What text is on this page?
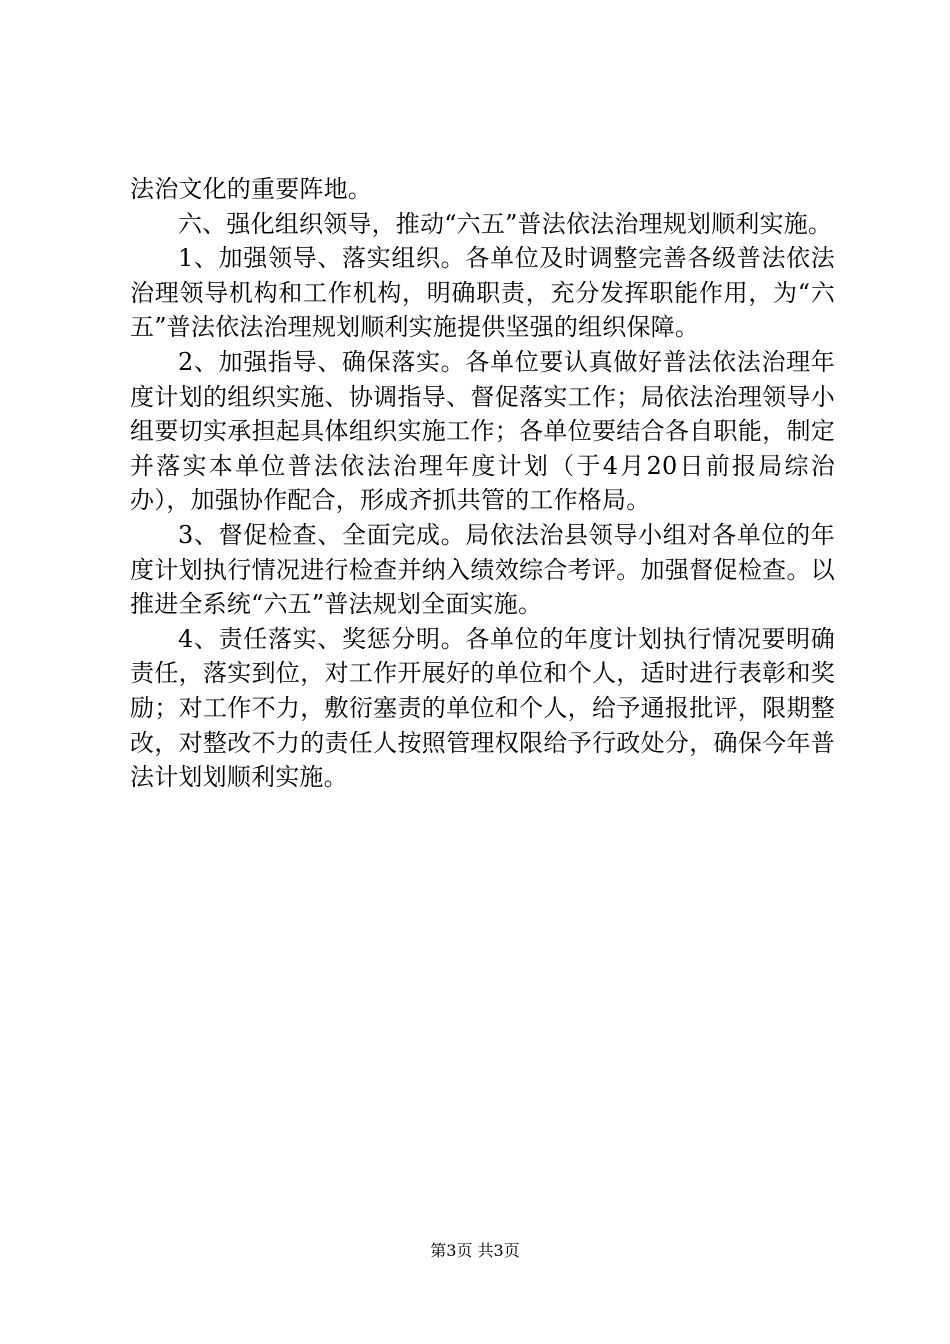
法治文化的重要阵地。

六、强化组织领导，推动“六五”普法依法治理规划顺利实施。

1、加强领导、落实组织。各单位及时调整完善各级普法依法治理领导机构和工作机构，明确职责，充分发挥职能作用，为“六五”普法依法治理规划顺利实施提供坚强的组织保障。

2、加强指导、确保落实。各单位要认真做好普法依法治理年度计划的组织实施、协调指导、督促落实工作；局依法治理领导小组要切实承担起具体组织实施工作；各单位要结合各自职能，制定并落实本单位普法依法治理年度计划（于4月20日前报局综治办），加强协作配合，形成齐抓共管的工作格局。

3、督促检查、全面完成。局依法治县领导小组对各单位的年度计划执行情况进行检查并纳入绩效综合考评。加强督促检查。以推进全系统“六五”普法规划全面实施。

4、责任落实、奖惩分明。各单位的年度计划执行情况要明确责任，落实到位，对工作开展好的单位和个人，适时进行表彰和奖励；对工作不力，敷衍塞责的单位和个人，给予通报批评，限期整改，对整改不力的责任人按照管理权限给予行政处分，确保今年普法计划划顺利实施。

第3页 共3页
